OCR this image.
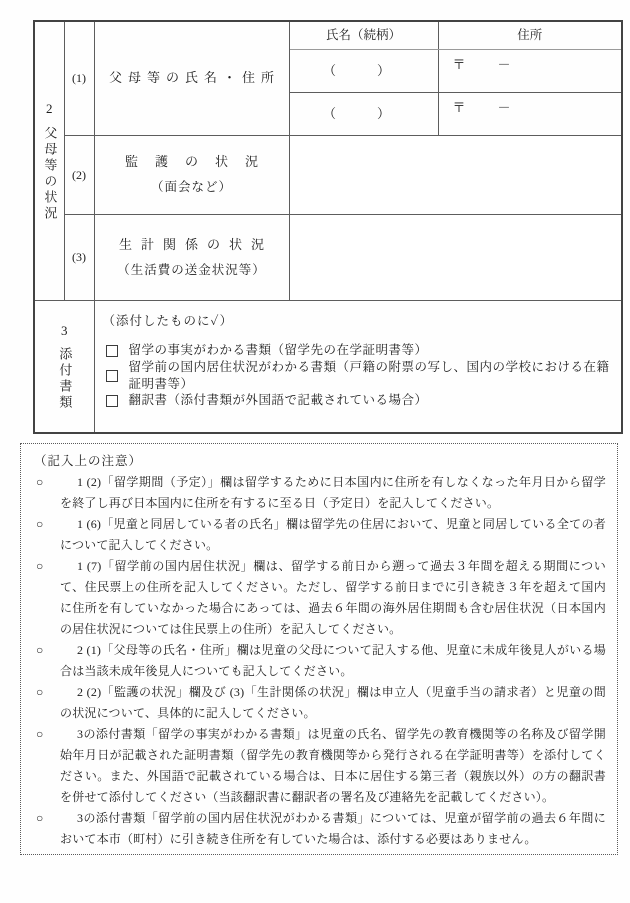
2
父母等の状況	(1)	父母等の氏名・住所	氏名（続柄）	住所
			（　）	〒　　－

			（　）	〒　　－

	(2)	監護の状況
（面会など）		

	(3)	生計関係の状況
（生活費の送金状況等）		

3
添付書類

（添付したものに✓）
留学の事実がわかる書類（留学先の在学証明書等）
留学前の国内居住状況がわかる書類（戸籍の附票の写し、国内の学校における在籍証明書等）
翻訳書（添付書類が外国語で記載されている場合）
（記入上の注意）
○	1 (2)「留学期間（予定）」欄は留学するために日本国内に住所を有しなくなった年月日から留学を終了し再び日本国内に住所を有するに至る日（予定日）を記入してください。
○	1 (6)「児童と同居している者の氏名」欄は留学先の住居において、児童と同居している全ての者について記入してください。
○	1 (7)「留学前の国内居住状況」欄は、留学する前日から遡って過去３年間を超える期間について、住民票上の住所を記入してください。ただし、留学する前日までに引き続き３年を超えて国内に住所を有していなかった場合にあっては、過去６年間の海外居住期間も含む居住状況（日本国内の居住状況については住民票上の住所）を記入してください。
○	2 (1)「父母等の氏名・住所」欄は児童の父母について記入する他、児童に未成年後見人がいる場合は当該未成年後見人についても記入してください。
○	2 (2)「監護の状況」欄及び (3)「生計関係の状況」欄は申立人（児童手当の請求者）と児童の間の状況について、具体的に記入してください。
○	3の添付書類「留学の事実がわかる書類」は児童の氏名、留学先の教育機関等の名称及び留学開始年月日が記載された証明書類（留学先の教育機関等から発行される在学証明書等）を添付してください。また、外国語で記載されている場合は、日本に居住する第三者（親族以外）の方の翻訳書を併せて添付してください（当該翻訳書に翻訳者の署名及び連絡先を記載してください）。
○	3の添付書類「留学前の国内居住状況がわかる書類」については、児童が留学前の過去６年間において本市（町村）に引き続き住所を有していた場合は、添付する必要はありません。
